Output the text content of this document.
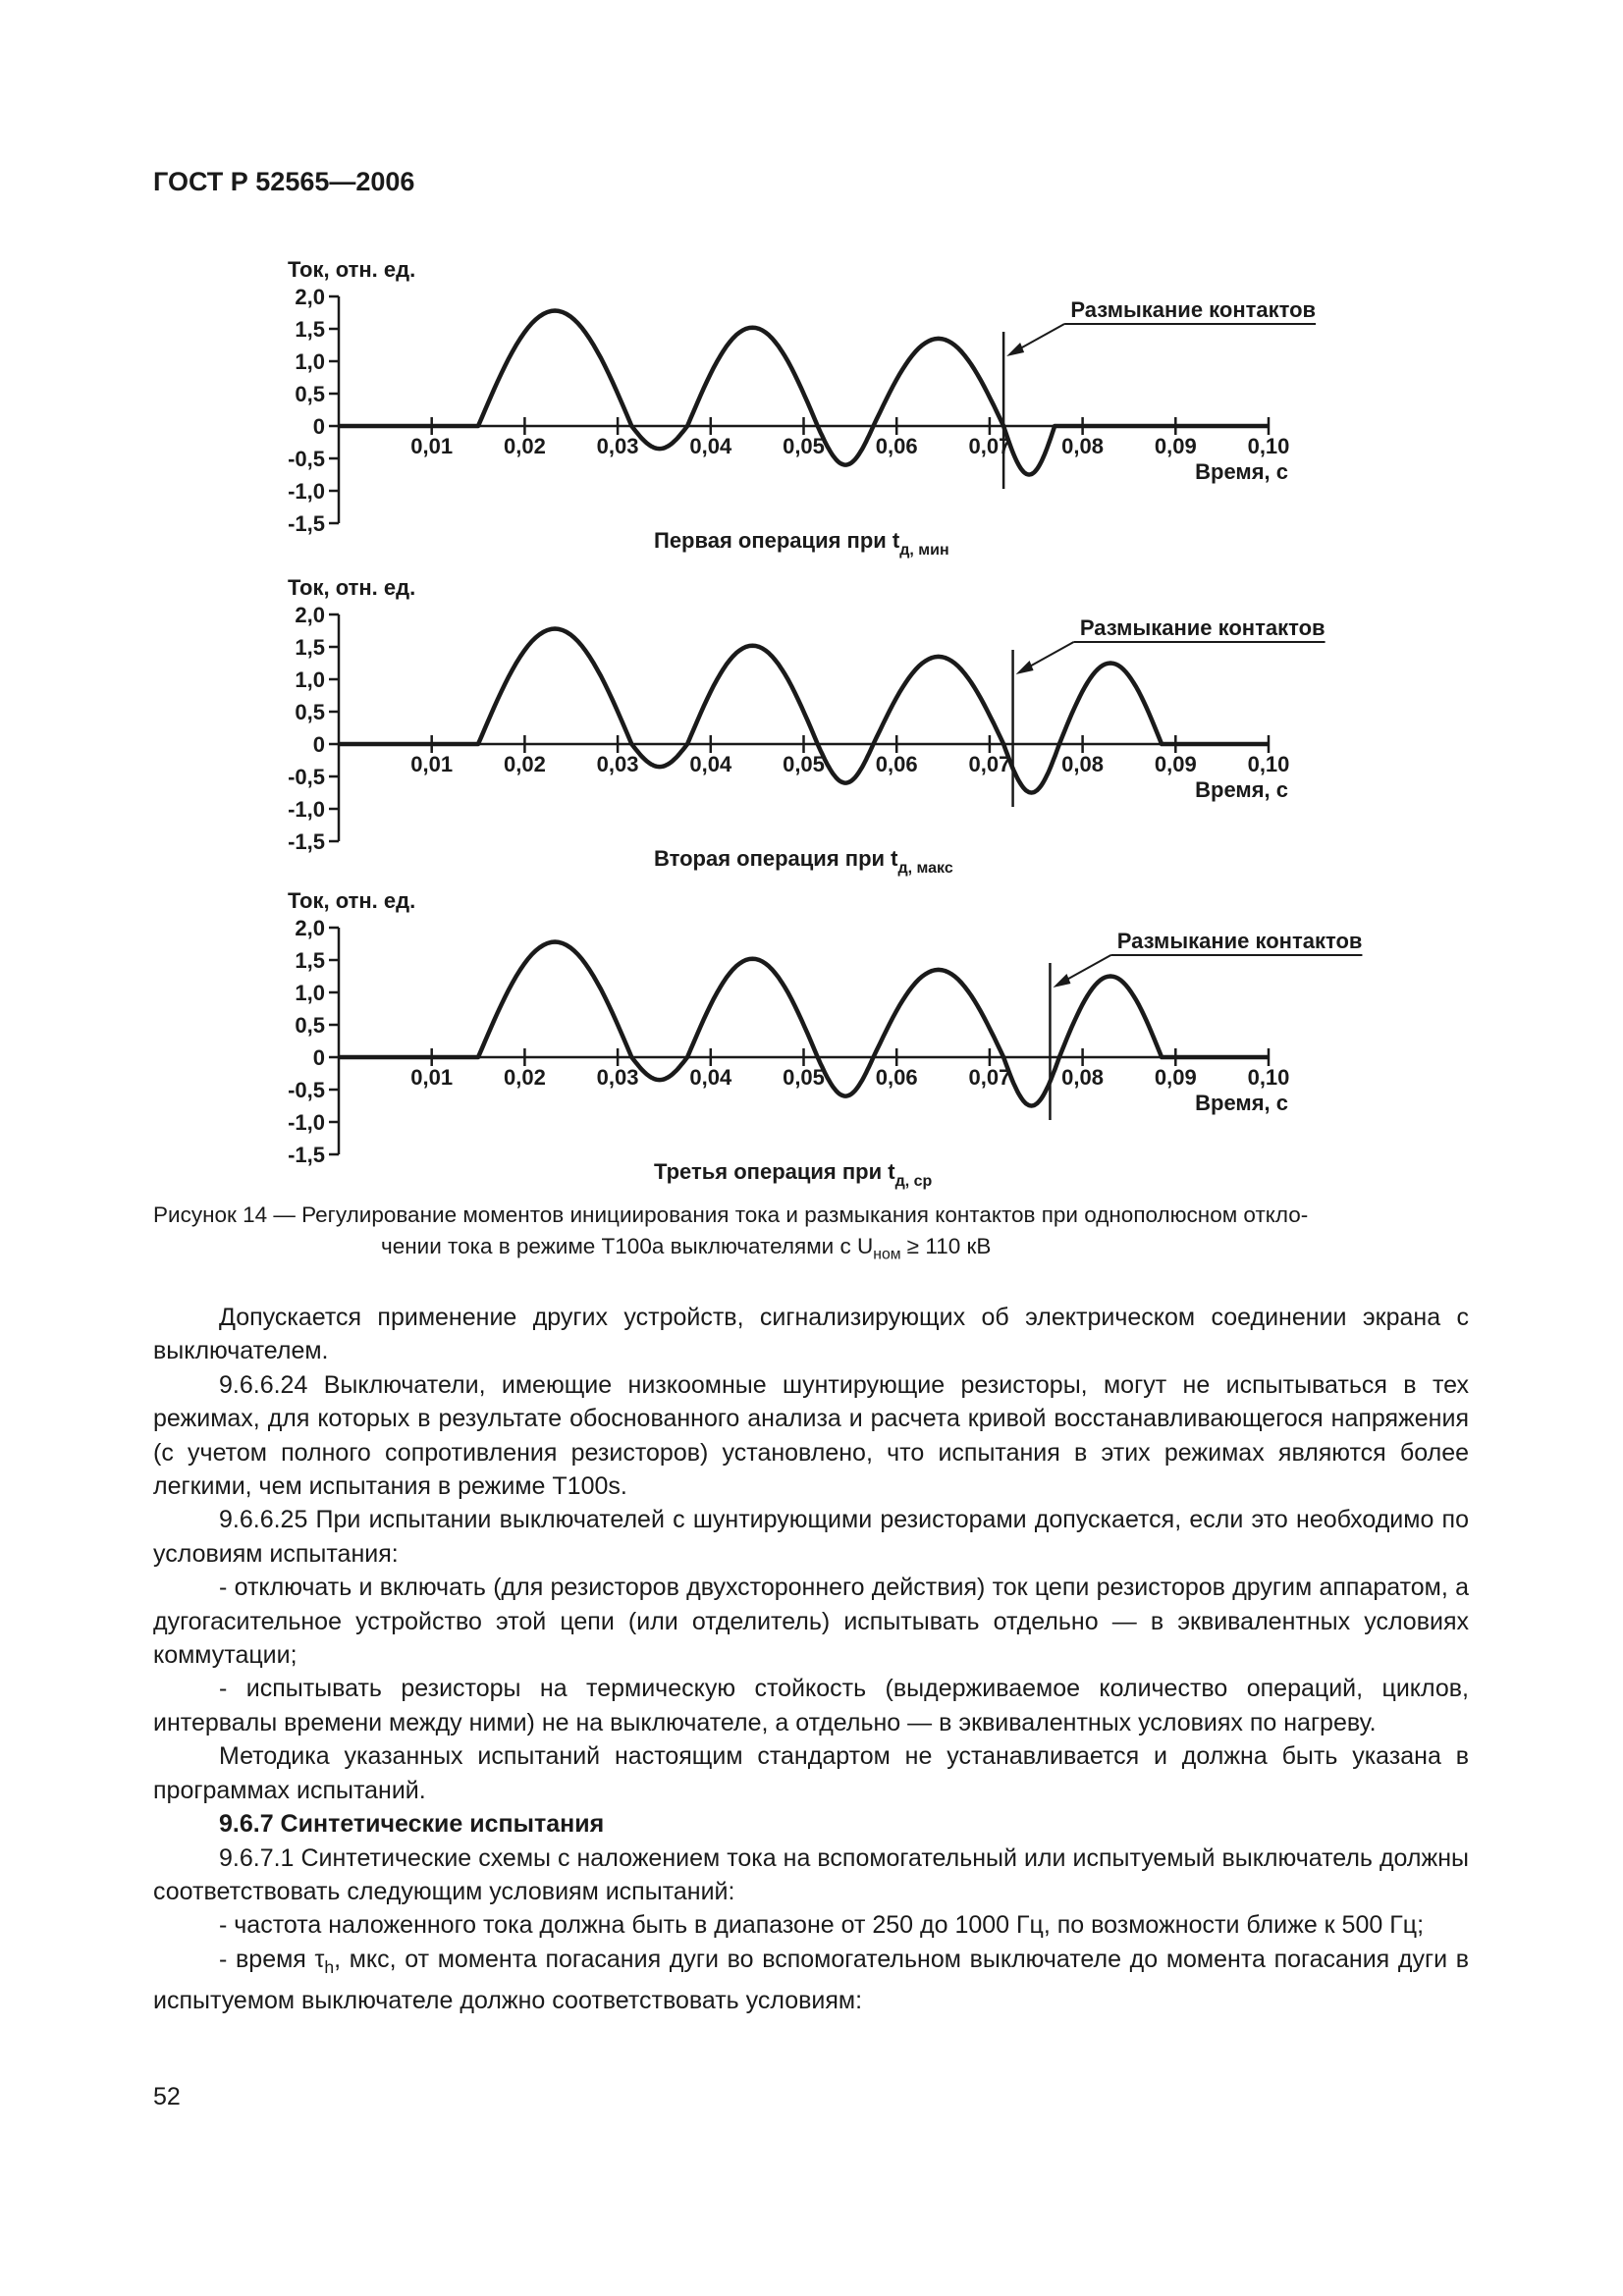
ГОСТ Р 52565—2006
Ток, отн. ед.
2,0
1,5
1,0
0,5
0
-0,5
-1,0
-1,5
0,01 0,02 0,03 0,04 0,05 0,06 0,07 0,08 0,09 0,10
Время, с
Размыкание контактов
Первая операция при $t_{д, мин}$
Ток, отн. ед.
2,0
1,5
1,0
0,5
0
-0,5
-1,0
-1,5
0,01 0,02 0,03 0,04 0,05 0,06 0,07 0,08 0,09 0,10
Время, с
Размыкание контактов
Вторая операция при $t_{д, макс}$
Ток, отн. ед.
2,0
1,5
1,0
0,5
0
-0,5
-1,0
-1,5
0,01 0,02 0,03 0,04 0,05 0,06 0,07 0,08 0,09 0,10
Время, с
Размыкание контактов
Третья операция при $t_{д, ср}$
Рисунок 14 — Регулирование моментов инициирования тока и размыкания контактов при однополюсном откло-
чении тока в режиме Т100а выключателями с $U_{ном} \ge 110$ кВ

Допускается применение других устройств, сигнализирующих об электрическом соединении экрана с выключателем.

9.6.6.24 Выключатели, имеющие низкоомные шунтирующие резисторы, могут не испытываться в тех режимах, для которых в результате обоснованного анализа и расчета кривой восстанавливающегося напряжения (с учетом полного сопротивления резисторов) установлено, что испытания в этих режимах являются более легкими, чем испытания в режиме Т100s.

9.6.6.25 При испытании выключателей с шунтирующими резисторами допускается, если это необходимо по условиям испытания:

- отключать и включать (для резисторов двухстороннего действия) ток цепи резисторов другим аппаратом, а дугогасительное устройство этой цепи (или отделитель) испытывать отдельно — в эквивалентных условиях коммутации;

- испытывать резисторы на термическую стойкость (выдерживаемое количество операций, циклов, интервалы времени между ними) не на выключателе, а отдельно — в эквивалентных условиях по нагреву.

Методика указанных испытаний настоящим стандартом не устанавливается и должна быть указана в программах испытаний.

9.6.7 Синтетические испытания

9.6.7.1 Синтетические схемы с наложением тока на вспомогательный или испытуемый выключатель должны соответствовать следующим условиям испытаний:

- частота наложенного тока должна быть в диапазоне от 250 до 1000 Гц, по возможности ближе к 500 Гц;

- время $\tau_h$, мкс, от момента погасания дуги во вспомогательном выключателе до момента погасания дуги в испытуемом выключателе должно соответствовать условиям:

52
